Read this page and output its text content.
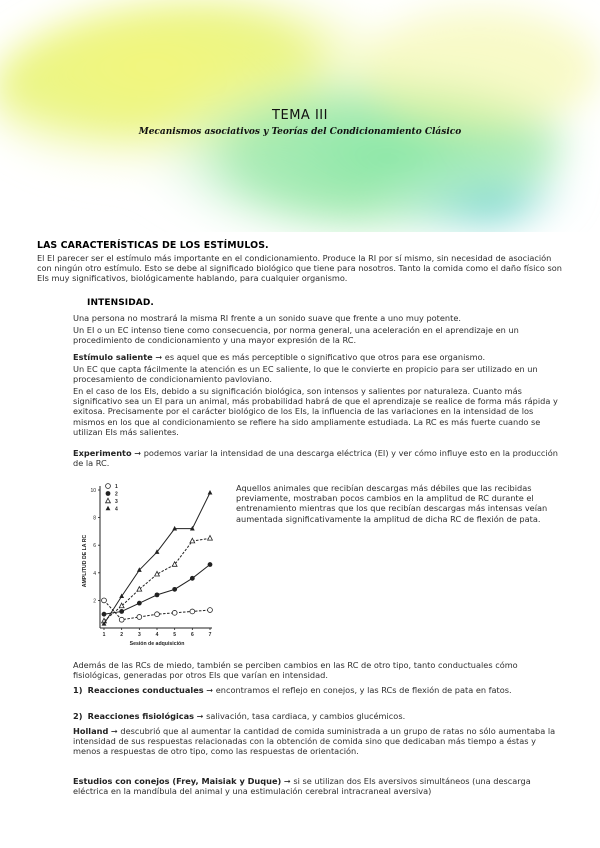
TEMA III
Mecanismos asociativos y Teorías del Condicionamiento Clásico
LAS CARACTERÍSTICAS DE LOS ESTÍMULOS.

El El parecer ser el estímulo más importante en el condicionamiento. Produce la RI por sí mismo, sin necesidad de asociación con ningún otro estímulo. Esto se debe al significado biológico que tiene para nosotros. Tanto la comida como el daño físico son EIs muy significativos, biológicamente hablando, para cualquier organismo.

INTENSIDAD.

Una persona no mostrará la misma RI frente a un sonido suave que frente a uno muy potente.

Un EI o un EC intenso tiene como consecuencia, por norma general, una aceleración en el aprendizaje en un procedimiento de condicionamiento y una mayor expresión de la RC.

Estímulo saliente ➞ es aquel que es más perceptible o significativo que otros para ese organismo.

Un EC que capta fácilmente la atención es un EC saliente, lo que le convierte en propicio para ser utilizado en un procesamiento de condicionamiento pavloviano.

En el caso de los EIs, debido a su significación biológica, son intensos y salientes por naturaleza. Cuanto más significativo sea un EI para un animal, más probabilidad habrá de que el aprendizaje se realice de forma más rápida y exitosa. Precisamente por el carácter biológico de los EIs, la influencia de las variaciones en la intensidad de los mismos en los que al condicionamiento se refiere ha sido ampliamente estudiada. La RC es más fuerte cuando se utilizan EIs más salientes.

Experimento ➞ podemos variar la intensidad de una descarga eléctrica (EI) y ver cómo influye esto en la producción de la RC.

2
4
6
8
10
1	2	3	4	5	6	7
Sesión de adquisición
AMPLITUD DE LA RC
1
2
3
4

Aquellos animales que recibían descargas más débiles que las recibidas previamente, mostraban pocos cambios en la amplitud de RC durante el entrenamiento mientras que los que recibían descargas más intensas veían aumentada significativamente la amplitud de dicha RC de flexión de pata.

Además de las RCs de miedo, también se perciben cambios en las RC de otro tipo, tanto conductuales cómo fisiológicas, generadas por otros EIs que varían en intensidad.

1) Reacciones conductuales ➞ encontramos el reflejo en conejos, y las RCs de flexión de pata en fatos.

2) Reacciones fisiológicas ➞ salivación, tasa cardiaca, y cambios glucémicos.

Holland ➞ descubrió que al aumentar la cantidad de comida suministrada a un grupo de ratas no sólo aumentaba la intensidad de sus respuestas relacionadas con la obtención de comida sino que dedicaban más tiempo a éstas y menos a respuestas de otro tipo, como las respuestas de orientación.

Estudios con conejos (Frey, Maisiak y Duque) ➞ si se utilizan dos EIs aversivos simultáneos (una descarga eléctrica en la mandíbula del animal y una estimulación cerebral intracraneal aversiva)
